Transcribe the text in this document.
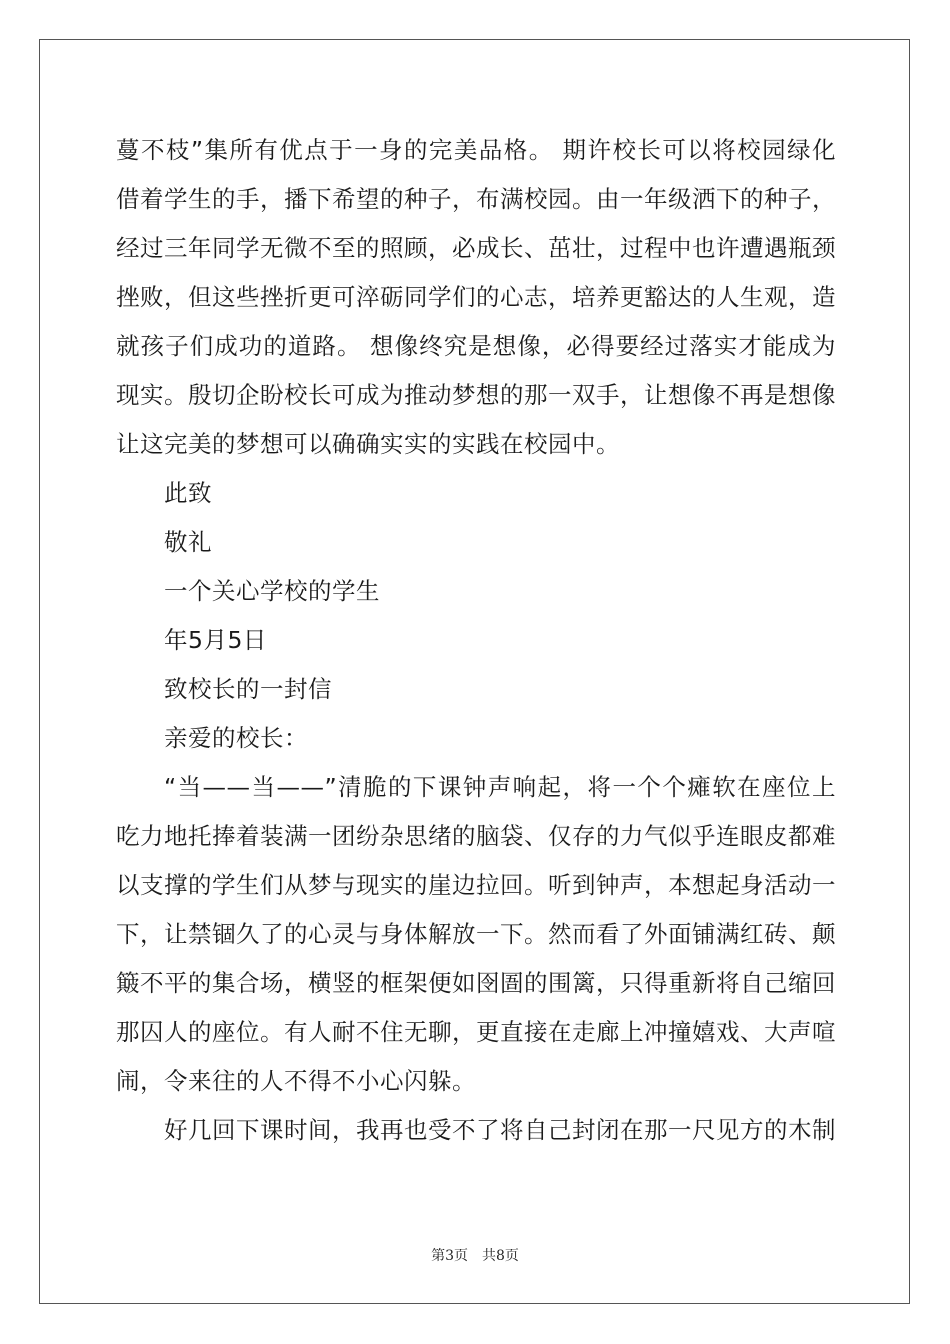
蔓不枝”集所有优点于一身的完美品格。 期许校长可以将校园绿化
借着学生的手，播下希望的种子，布满校园。由一年级洒下的种子，
经过三年同学无微不至的照顾，必成长、茁壮，过程中也许遭遇瓶颈
挫败，但这些挫折更可淬砺同学们的心志，培养更豁达的人生观，造
就孩子们成功的道路。 想像终究是想像，必得要经过落实才能成为
现实。殷切企盼校长可成为推动梦想的那一双手，让想像不再是想像
让这完美的梦想可以确确实实的实践在校园中。
此致
敬礼
一个关心学校的学生
年5月5日
致校长的一封信
亲爱的校长：
“当——当——”清脆的下课钟声响起，将一个个瘫软在座位上
吃力地托捧着装满一团纷杂思绪的脑袋、仅存的力气似乎连眼皮都难
以支撑的学生们从梦与现实的崖边拉回。听到钟声，本想起身活动一
下，让禁锢久了的心灵与身体解放一下。然而看了外面铺满红砖、颠
簸不平的集合场，横竖的框架便如囹圄的围篱，只得重新将自己缩回
那囚人的座位。有人耐不住无聊，更直接在走廊上冲撞嬉戏、大声喧
闹，令来往的人不得不小心闪躲。
好几回下课时间，我再也受不了将自己封闭在那一尺见方的木制
第3页 共8页
